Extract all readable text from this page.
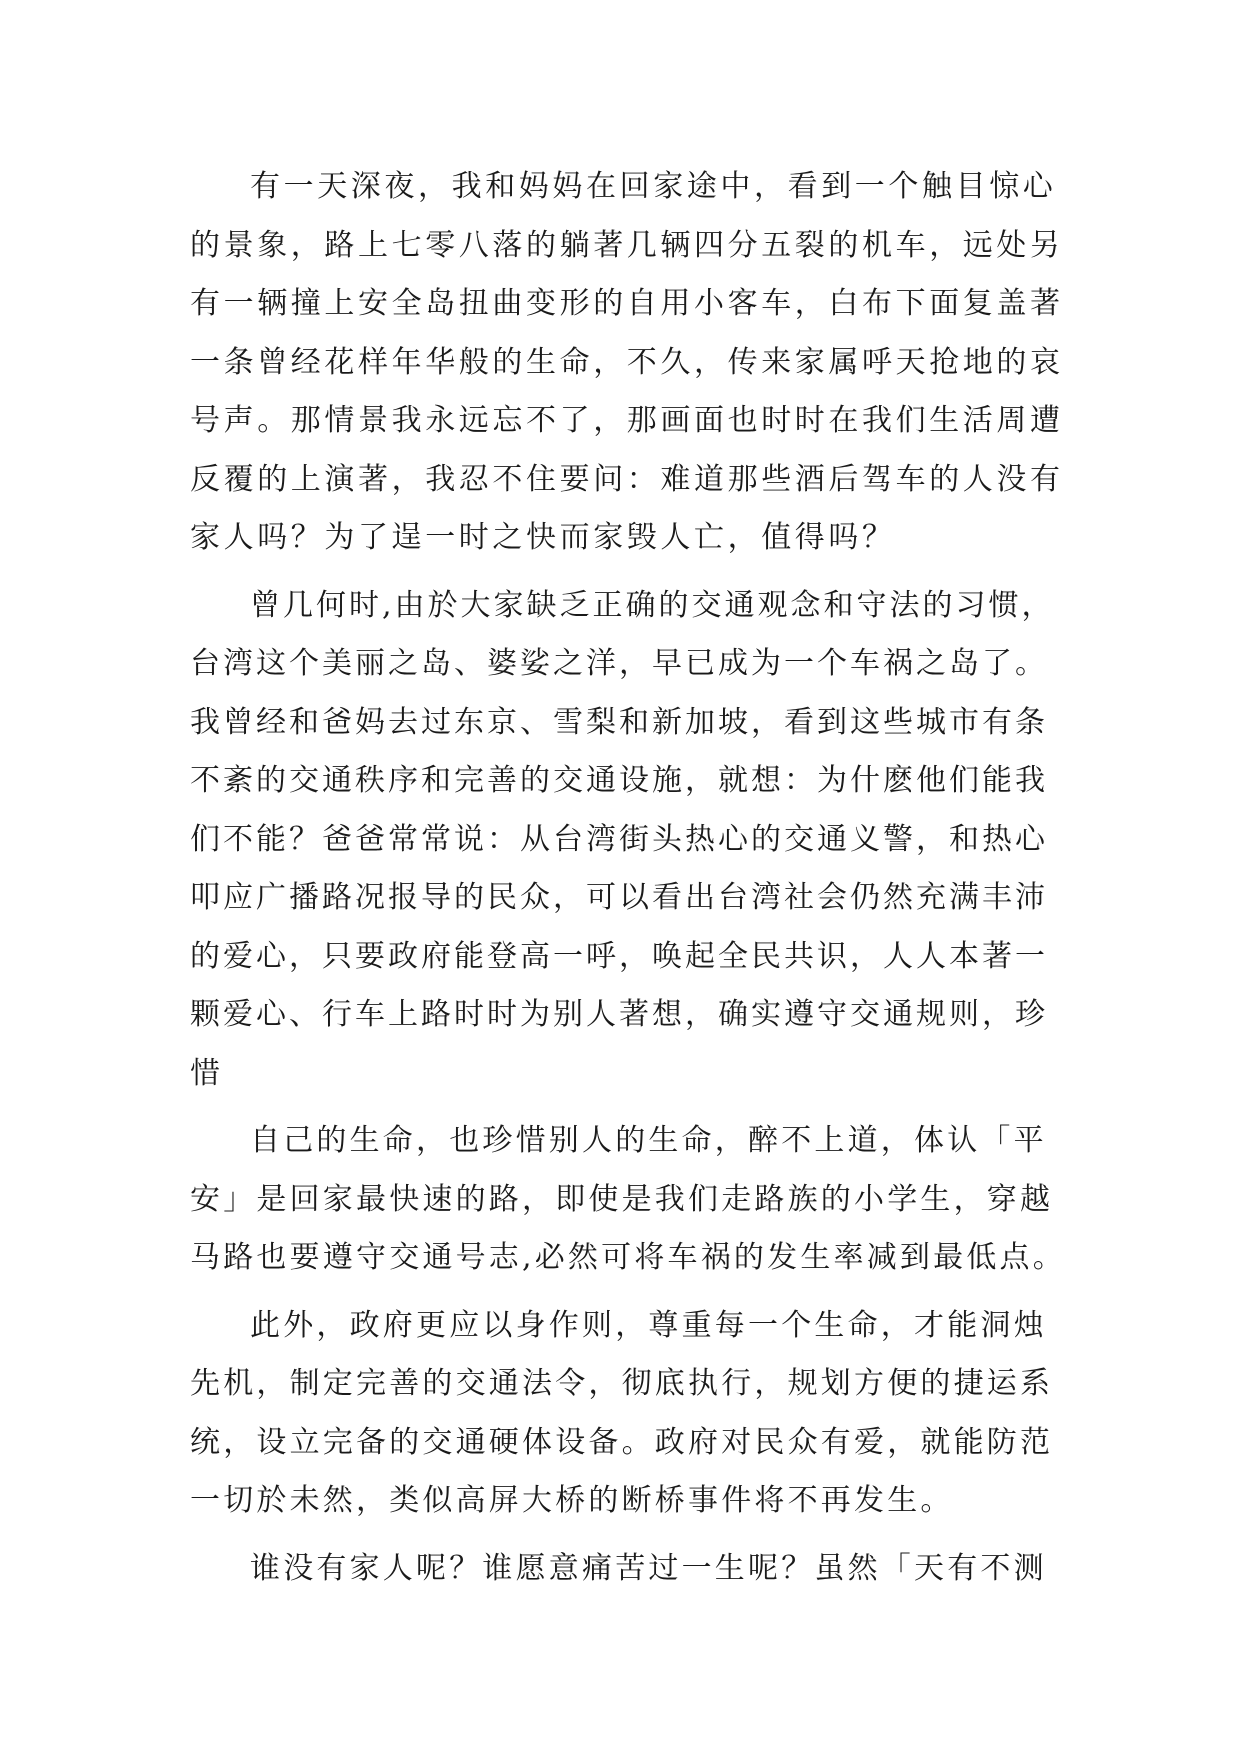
有一天深夜，我和妈妈在回家途中，看到一个触目惊心的景象，路上七零八落的躺著几辆四分五裂的机车，远处另有一辆撞上安全岛扭曲变形的自用小客车，白布下面复盖著一条曾经花样年华般的生命，不久，传来家属呼天抢地的哀号声。那情景我永远忘不了，那画面也时时在我们生活周遭反覆的上演著，我忍不住要问：难道那些酒后驾车的人没有家人吗？为了逞一时之快而家毁人亡，值得吗？

曾几何时,由於大家缺乏正确的交通观念和守法的习惯，台湾这个美丽之岛、婆娑之洋，早已成为一个车祸之岛了。我曾经和爸妈去过东京、雪梨和新加坡，看到这些城市有条不紊的交通秩序和完善的交通设施，就想：为什麽他们能我们不能？爸爸常常说：从台湾街头热心的交通义警，和热心叩应广播路况报导的民众，可以看出台湾社会仍然充满丰沛的爱心，只要政府能登高一呼，唤起全民共识，人人本著一颗爱心、行车上路时时为别人著想，确实遵守交通规则，珍惜

自己的生命，也珍惜别人的生命，醉不上道，体认「平安」是回家最快速的路，即使是我们走路族的小学生，穿越马路也要遵守交通号志,必然可将车祸的发生率减到最低点。

此外，政府更应以身作则，尊重每一个生命，才能洞烛先机，制定完善的交通法令，彻底执行，规划方便的捷运系统，设立完备的交通硬体设备。政府对民众有爱，就能防范一切於未然，类似高屏大桥的断桥事件将不再发生。

谁没有家人呢？谁愿意痛苦过一生呢？虽然「天有不测
